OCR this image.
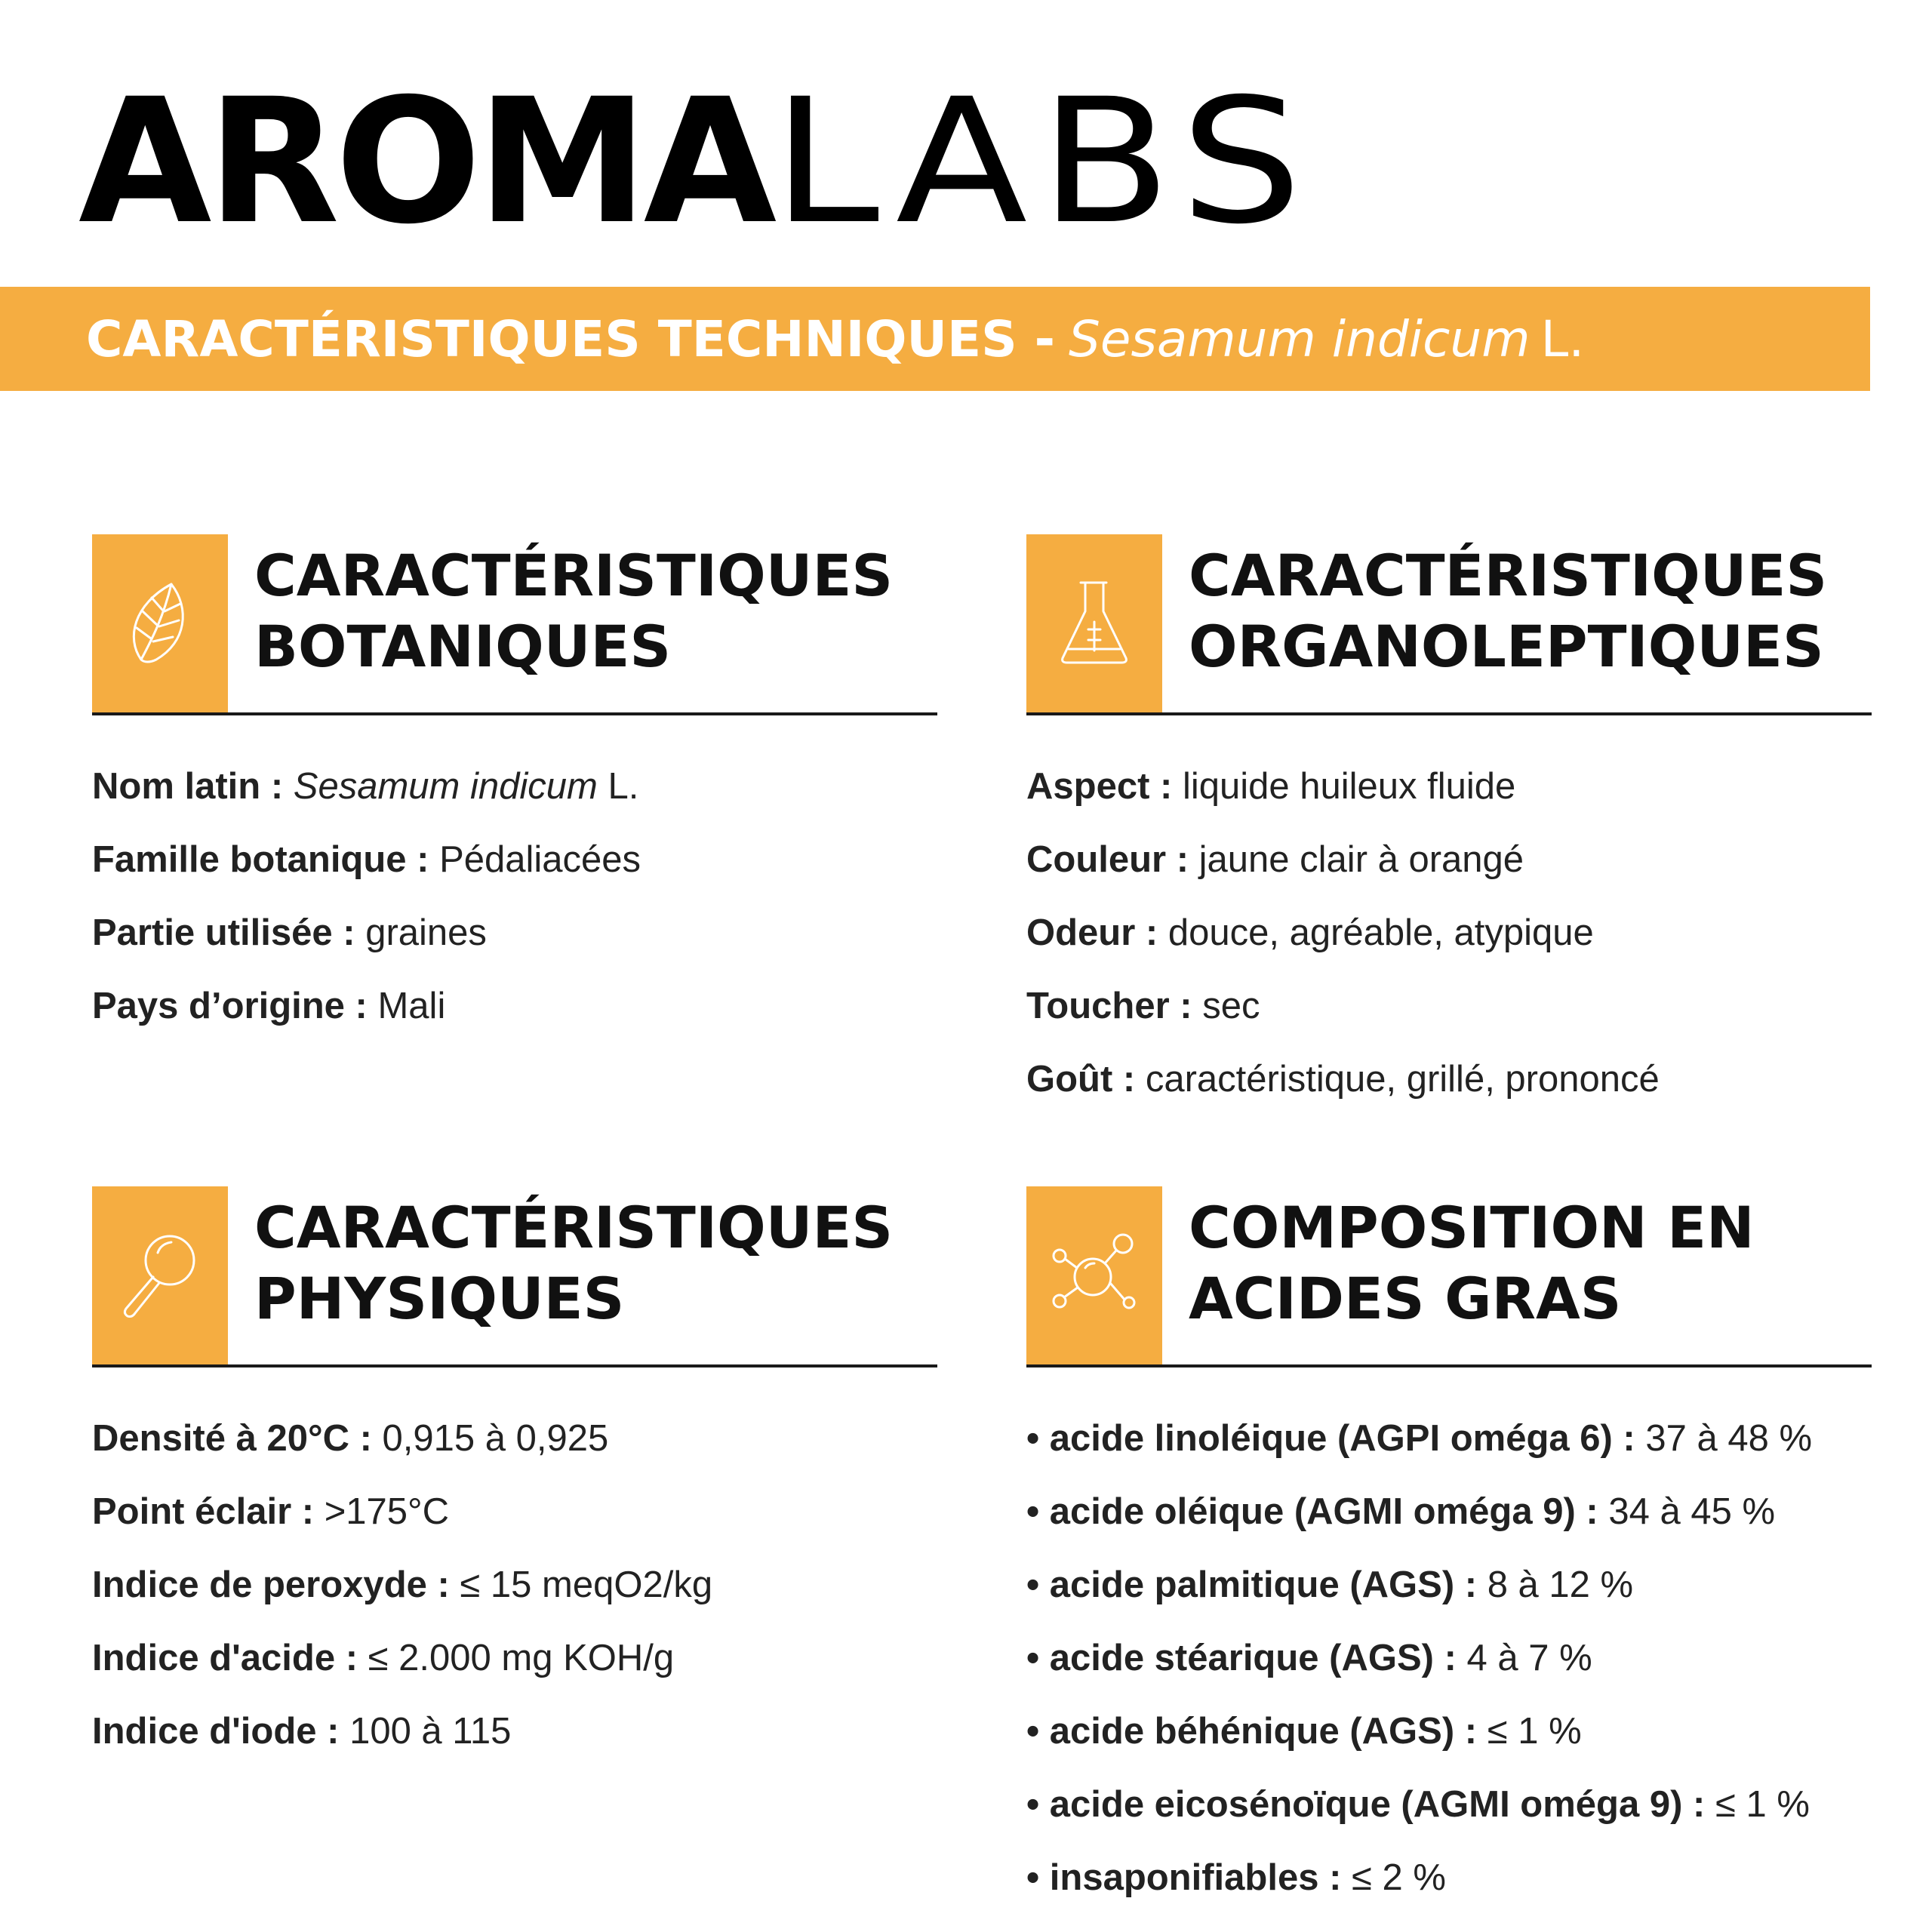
AROMALABS
CARACTÉRISTIQUES TECHNIQUES - Sesamum indicum L.
CARACTÉRISTIQUES
BOTANIQUES
Nom latin : Sesamum indicum L.
Famille botanique : Pédaliacées
Partie utilisée : graines
Pays d’origine : Mali
CARACTÉRISTIQUES
ORGANOLEPTIQUES
Aspect : liquide huileux fluide
Couleur : jaune clair à orangé
Odeur : douce, agréable, atypique
Toucher : sec
Goût : caractéristique, grillé, prononcé
CARACTÉRISTIQUES
PHYSIQUES
Densité à 20°C : 0,915 à 0,925
Point éclair : >175°C
Indice de peroxyde : ≤ 15 meqO2/kg
Indice d'acide : ≤ 2.000 mg KOH/g
Indice d'iode : 100 à 115
COMPOSITION EN
ACIDES GRAS
• acide linoléique (AGPI oméga 6) : 37 à 48 %
• acide oléique (AGMI oméga 9) : 34 à 45 %
• acide palmitique (AGS) : 8 à 12 %
• acide stéarique (AGS) : 4 à 7 %
• acide béhénique (AGS) : ≤ 1 %
• acide eicosénoïque (AGMI oméga 9) : ≤ 1 %
• insaponifiables : ≤ 2 %
